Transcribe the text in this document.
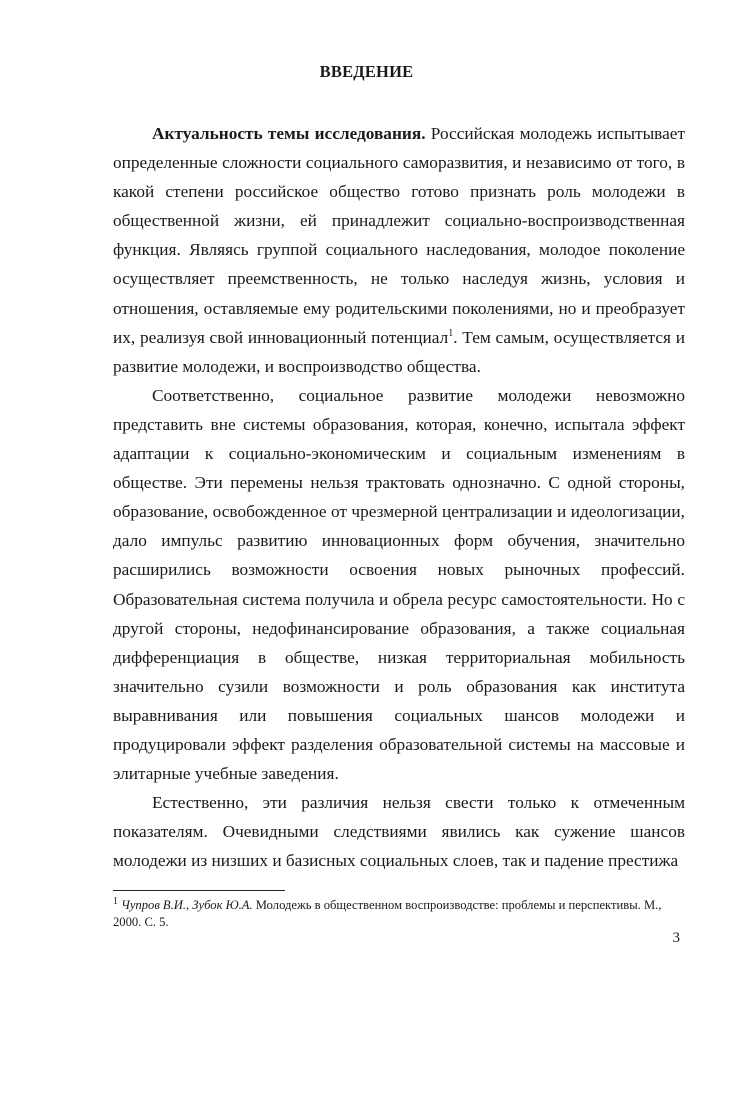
ВВЕДЕНИЕ

Актуальность темы исследования. Российская молодежь испытывает определенные сложности социального саморазвития, и независимо от того, в какой степени российское общество готово признать роль молодежи в общественной жизни, ей принадлежит социально-воспроизводственная функция. Являясь группой социального наследования, молодое поколение осуществляет преемственность, не только наследуя жизнь, условия и отношения, оставляемые ему родительскими поколениями, но и преобразует их, реализуя свой инновационный потенциал$^1$. Тем самым, осуществляется и развитие молодежи, и воспроизводство общества.

Соответственно, социальное развитие молодежи невозможно представить вне системы образования, которая, конечно, испытала эффект адаптации к социально-экономическим и социальным изменениям в обществе. Эти перемены нельзя трактовать однозначно. С одной стороны, образование, освобожденное от чрезмерной централизации и идеологизации, дало импульс развитию инновационных форм обучения, значительно расширились возможности освоения новых рыночных профессий. Образовательная система получила и обрела ресурс самостоятельности. Но с другой стороны, недофинансирование образования, а также социальная дифференциация в обществе, низкая территориальная мобильность значительно сузили возможности и роль образования как института выравнивания или повышения социальных шансов молодежи и продуцировали эффект разделения образовательной системы на массовые и элитарные учебные заведения.

Естественно, эти различия нельзя свести только к отмеченным показателям. Очевидными следствиями явились как сужение шансов молодежи из низших и базисных социальных слоев, так и падение престижа

$^1$ Чупров В.И., Зубок Ю.А. Молодежь в общественном воспроизводстве: проблемы и перспективы. М., 2000. С. 5.
3
